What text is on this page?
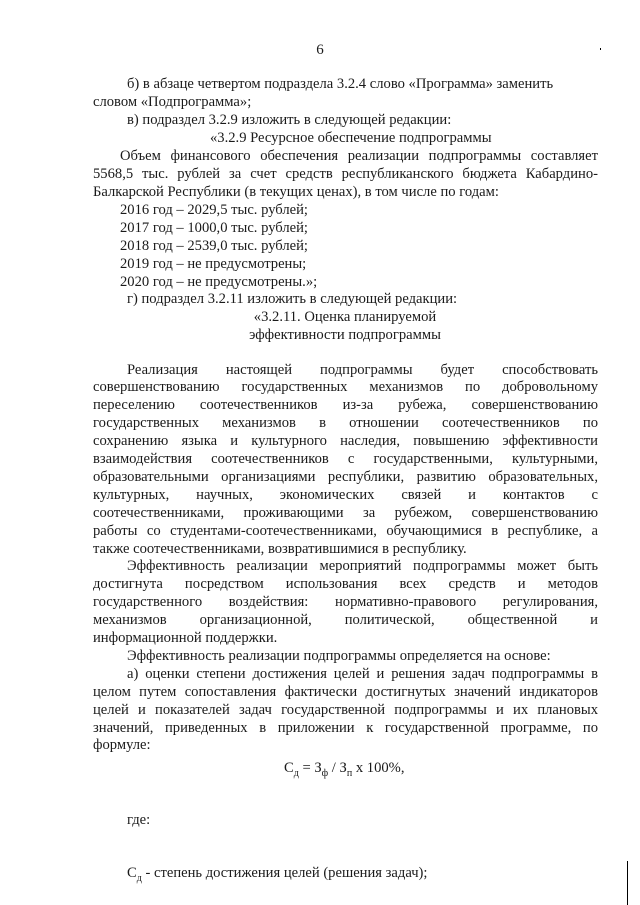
6
б) в абзаце четвертом подраздела 3.2.4 слово «Программа» заменить
словом «Подпрограмма»;
в) подраздел 3.2.9 изложить в следующей редакции:
«3.2.9 Ресурсное обеспечение подпрограммы
Объем финансового обеспечения реализации подпрограммы составляет
5568,5 тыс. рублей за счет средств республиканского бюджета Кабардино-
Балкарской Республики (в текущих ценах), в том числе по годам:
2016 год – 2029,5 тыс. рублей;
2017 год – 1000,0 тыс. рублей;
2018 год – 2539,0 тыс. рублей;
2019 год – не предусмотрены;
2020 год – не предусмотрены.»;
г) подраздел 3.2.11 изложить в следующей редакции:
«3.2.11. Оценка планируемой
эффективности подпрограммы
Реализация настоящей подпрограммы будет способствовать
совершенствованию государственных механизмов по добровольному
переселению соотечественников из-за рубежа, совершенствованию
государственных механизмов в отношении соотечественников по
сохранению языка и культурного наследия, повышению эффективности
взаимодействия соотечественников с государственными, культурными,
образовательными организациями республики, развитию образовательных,
культурных, научных, экономических связей и контактов с
соотечественниками, проживающими за рубежом, совершенствованию
работы со студентами-соотечественниками, обучающимися в республике, а
также соотечественниками, возвратившимися в республику.
Эффективность реализации мероприятий подпрограммы может быть
достигнута посредством использования всех средств и методов
государственного воздействия: нормативно-правового регулирования,
механизмов организационной, политической, общественной и
информационной поддержки.
Эффективность реализации подпрограммы определяется на основе:
а) оценки степени достижения целей и решения задач подпрограммы в
целом путем сопоставления фактически достигнутых значений индикаторов
целей и показателей задач государственной подпрограммы и их плановых
значений, приведенных в приложении к государственной программе, по
формуле:
$С_д = З_ф / З_п$ х 100%,
где:
$С_д$ - степень достижения целей (решения задач);
